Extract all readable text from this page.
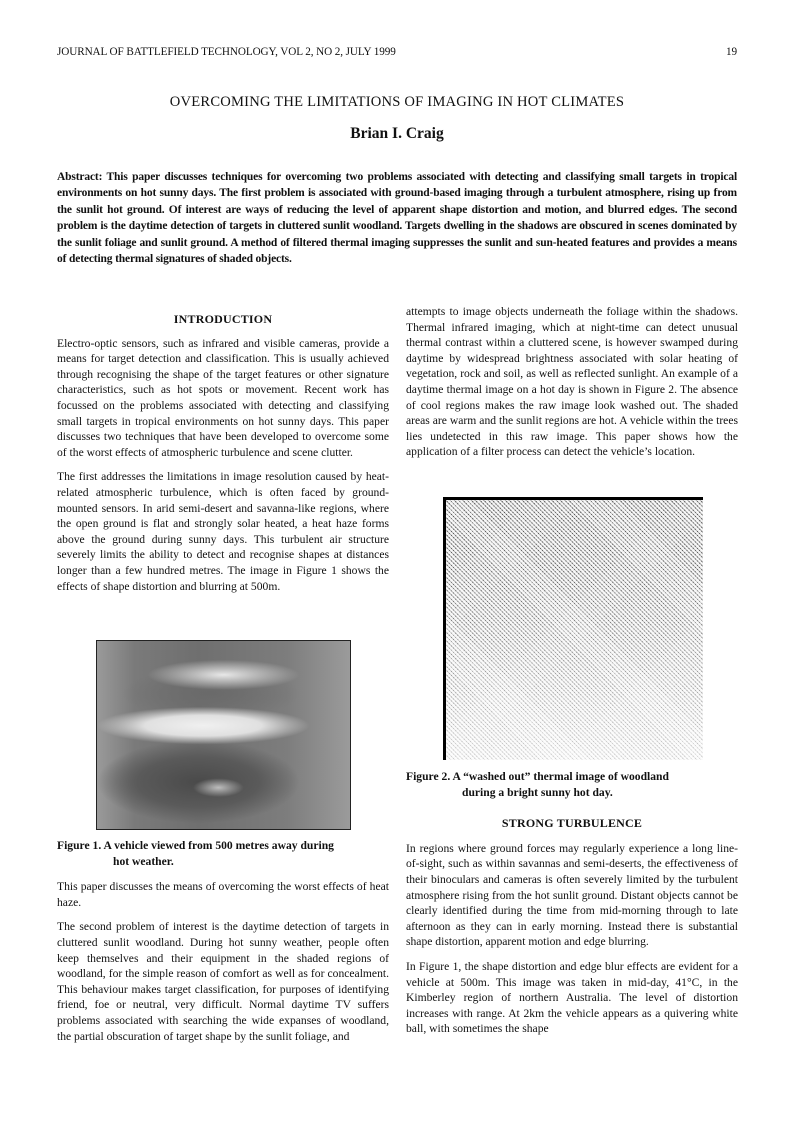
JOURNAL OF BATTLEFIELD TECHNOLOGY, VOL 2, NO 2, JULY 1999	19
OVERCOMING THE LIMITATIONS OF IMAGING IN HOT CLIMATES
Brian I. Craig
Abstract: This paper discusses techniques for overcoming two problems associated with detecting and classifying small targets in tropical environments on hot sunny days. The first problem is associated with ground-based imaging through a turbulent atmosphere, rising up from the sunlit hot ground. Of interest are ways of reducing the level of apparent shape distortion and motion, and blurred edges. The second problem is the daytime detection of targets in cluttered sunlit woodland. Targets dwelling in the shadows are obscured in scenes dominated by the sunlit foliage and sunlit ground. A method of filtered thermal imaging suppresses the sunlit and sun-heated features and provides a means of detecting thermal signatures of shaded objects.
INTRODUCTION

Electro-optic sensors, such as infrared and visible cameras, provide a means for target detection and classification. This is usually achieved through recognising the shape of the target features or other signature characteristics, such as hot spots or movement. Recent work has focussed on the problems associated with detecting and classifying small targets in tropical environments on hot sunny days. This paper discusses two techniques that have been developed to overcome some of the worst effects of atmospheric turbulence and scene clutter.

The first addresses the limitations in image resolution caused by heat-related atmospheric turbulence, which is often faced by ground-mounted sensors. In arid semi-desert and savanna-like regions, where the open ground is flat and strongly solar heated, a heat haze forms above the ground during sunny days. This turbulent air structure severely limits the ability to detect and recognise shapes at distances longer than a few hundred metres. The image in Figure 1 shows the effects of shape distortion and blurring at 500m.

Figure 1. A vehicle viewed from 500 metres away during
hot weather.

This paper discusses the means of overcoming the worst effects of heat haze.

The second problem of interest is the daytime detection of targets in cluttered sunlit woodland. During hot sunny weather, people often keep themselves and their equipment in the shaded regions of woodland, for the simple reason of comfort as well as for concealment. This behaviour makes target classification, for purposes of identifying friend, foe or neutral, very difficult. Normal daytime TV suffers problems associated with searching the wide expanses of woodland, the partial obscuration of target shape by the sunlit foliage, and

attempts to image objects underneath the foliage within the shadows. Thermal infrared imaging, which at night-time can detect unusual thermal contrast within a cluttered scene, is however swamped during daytime by widespread brightness associated with solar heating of vegetation, rock and soil, as well as reflected sunlight. An example of a daytime thermal image on a hot day is shown in Figure 2. The absence of cool regions makes the raw image look washed out. The shaded areas are warm and the sunlit regions are hot. A vehicle within the trees lies undetected in this raw image. This paper shows how the application of a filter process can detect the vehicle’s location.

Figure 2. A “washed out” thermal image of woodland
during a bright sunny hot day.
STRONG TURBULENCE

In regions where ground forces may regularly experience a long line-of-sight, such as within savannas and semi-deserts, the effectiveness of their binoculars and cameras is often severely limited by the turbulent atmosphere rising from the hot sunlit ground. Distant objects cannot be clearly identified during the time from mid-morning through to late afternoon as they can in early morning. Instead there is substantial shape distortion, apparent motion and edge blurring.

In Figure 1, the shape distortion and edge blur effects are evident for a vehicle at 500m. This image was taken in mid-day, 41°C, in the Kimberley region of northern Australia. The level of distortion increases with range. At 2km the vehicle appears as a quivering white ball, with sometimes the shape
